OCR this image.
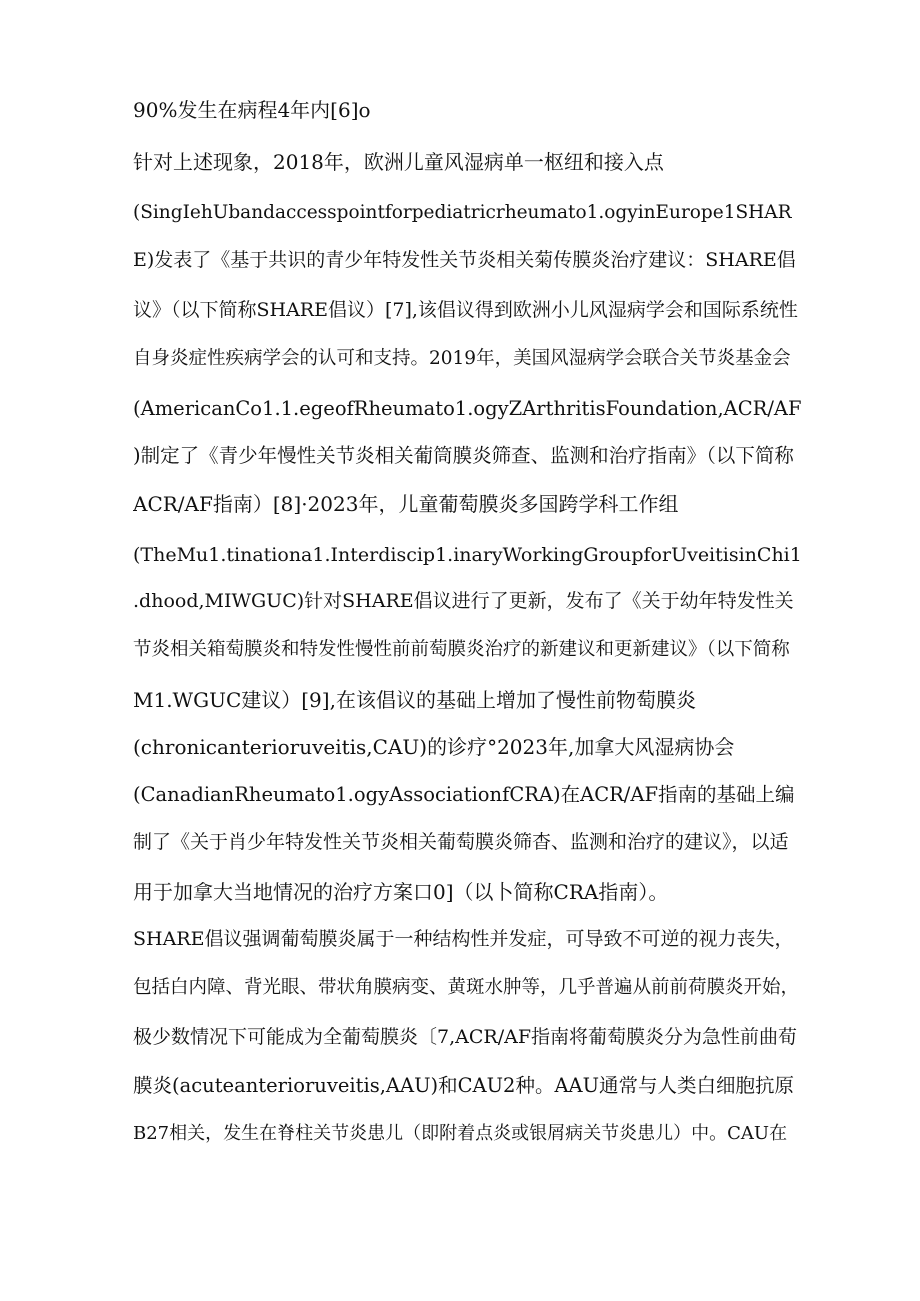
90%发生在病程4年内[6]o
针对上述现象，2018年，欧洲儿童风湿病单一枢纽和接入点
(SingIehUbandaccesspointforpediatricrheumato1.ogyinEurope1SHAR
E)发表了《基于共识的青少年特发性关节炎相关菊传膜炎治疗建议：SHARE倡
议》（以下简称SHARE倡议）[7],该倡议得到欧洲小儿风湿病学会和国际系统性
自身炎症性疾病学会的认可和支持。2019年，美国风湿病学会联合关节炎基金会
(AmericanCo1.1.egeofRheumato1.ogyZArthritisFoundation,ACR/AF
)制定了《青少年慢性关节炎相关葡筒膜炎筛查、监测和治疗指南》（以下简称
ACR/AF指南）[8]·2023年，儿童葡萄膜炎多国跨学科工作组
(TheMu1.tinationa1.Interdiscip1.inaryWorkingGroupforUveitisinChi1
.dhood,MIWGUC)针对SHARE倡议进行了更新，发布了《关于幼年特发性关
节炎相关箱萄膜炎和特发性慢性前前萄膜炎治疗的新建议和更新建议》（以下简称
M1.WGUC建议）[9],在该倡议的基础上增加了慢性前物萄膜炎
(chronicanterioruveitis,CAU)的诊疗°2023年,加拿大风湿病协会
(CanadianRheumato1.ogyAssociationfCRA)在ACR/AF指南的基础上编
制了《关于肖少年特发性关节炎相关葡萄膜炎筛杳、监测和治疗的建议》，以适
用于加拿大当地情况的治疗方案口0]（以卜简称CRA指南）。
SHARE倡议强调葡萄膜炎属于一种结构性并发症，可导致不可逆的视力丧失，
包括白内障、背光眼、带状角膜病变、黄斑水肿等，几乎普遍从前前荷膜炎开始，
极少数情况下可能成为全葡萄膜炎〔7,ACR/AF指南将葡萄膜炎分为急性前曲荀
膜炎(acuteanterioruveitis,AAU)和CAU2种。AAU通常与人类白细胞抗原
B27相关，发生在脊柱关节炎患儿（即附着点炎或银屑病关节炎患儿）中。CAU在
